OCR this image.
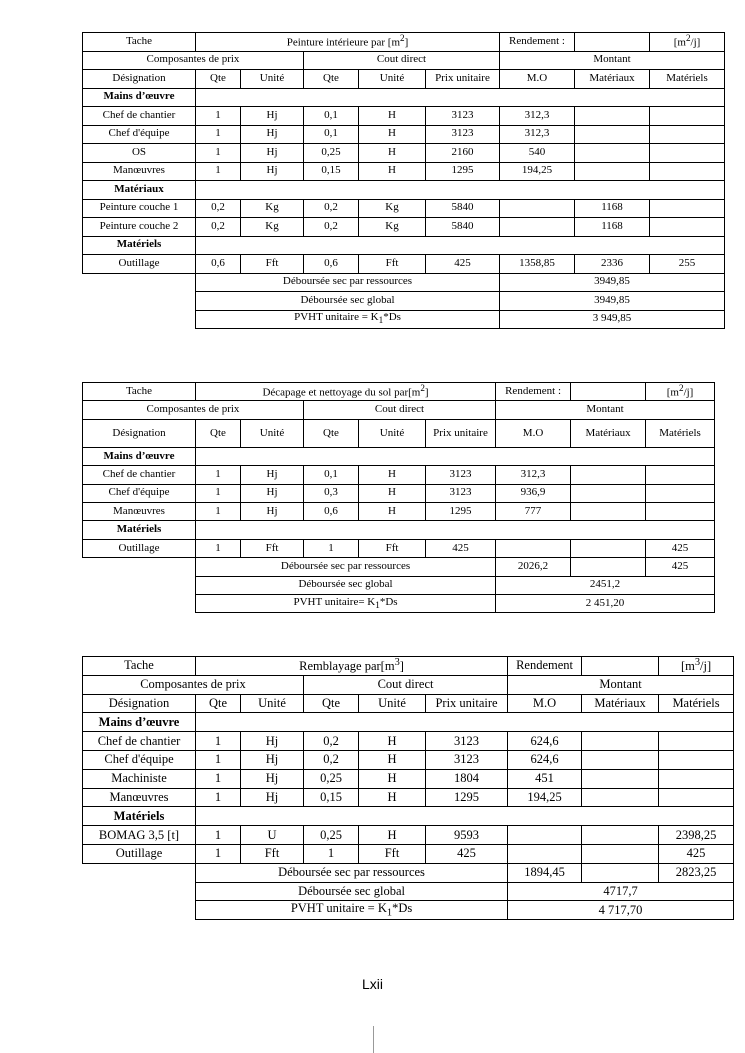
Tache	Peinture intérieure par $[m^2]$					Rendement :		$[m^2/j]$
Composantes de prix			Cout direct			Montant		
Désignation	Qte	Unité	Qte	Unité	Prix unitaire	M.O	Matériaux	Matériels
Mains d’œuvre								
Chef de chantier	1	Hj	0,1	H	3123	312,3		
Chef d'équipe	1	Hj	0,1	H	3123	312,3		
OS	1	Hj	0,25	H	2160	540		
Manœuvres	1	Hj	0,15	H	1295	194,25		
Matériaux								
Peinture couche 1	0,2	Kg	0,2	Kg	5840		1168	
Peinture couche 2	0,2	Kg	0,2	Kg	5840		1168	
Matériels								
Outillage	0,6	Fft	0,6	Fft	425	1358,85	2336	255
	Déboursée sec par ressources					3949,85		
	Déboursée sec global					3949,85		
	PVHT unitaire = $K_1*Ds$					3 949,85		
Tache	Décapage et nettoyage du sol $par[m^2]$					Rendement :		$[m^2/j]$
Composantes de prix			Cout direct			Montant		
Désignation	Qte	Unité	Qte	Unité	Prix unitaire	M.O	Matériaux	Matériels
Mains d’œuvre								
Chef de chantier	1	Hj	0,1	H	3123	312,3		
Chef d'équipe	1	Hj	0,3	H	3123	936,9		
Manœuvres	1	Hj	0,6	H	1295	777		
Matériels								
Outillage	1	Fft	1	Fft	425			425
	Déboursée sec par ressources					2026,2		425
	Déboursée sec global					2451,2		
	PVHT unitaire= $K_1*Ds$					2 451,20		
Tache	Remblayage $par[m^3]$					Rendement		$[m^3/j]$
Composantes de prix			Cout direct			Montant		
Désignation	Qte	Unité	Qte	Unité	Prix unitaire	M.O	Matériaux	Matériels
Mains d’œuvre								
Chef de chantier	1	Hj	0,2	H	3123	624,6		
Chef d'équipe	1	Hj	0,2	H	3123	624,6		
Machiniste	1	Hj	0,25	H	1804	451		
Manœuvres	1	Hj	0,15	H	1295	194,25		
Matériels								
BOMAG 3,5 [t]	1	U	0,25	H	9593			2398,25
Outillage	1	Fft	1	Fft	425			425
	Déboursée sec par ressources					1894,45		2823,25
	Déboursée sec global					4717,7		
	PVHT unitaire = $K_1*Ds$					4 717,70		
Lxii
